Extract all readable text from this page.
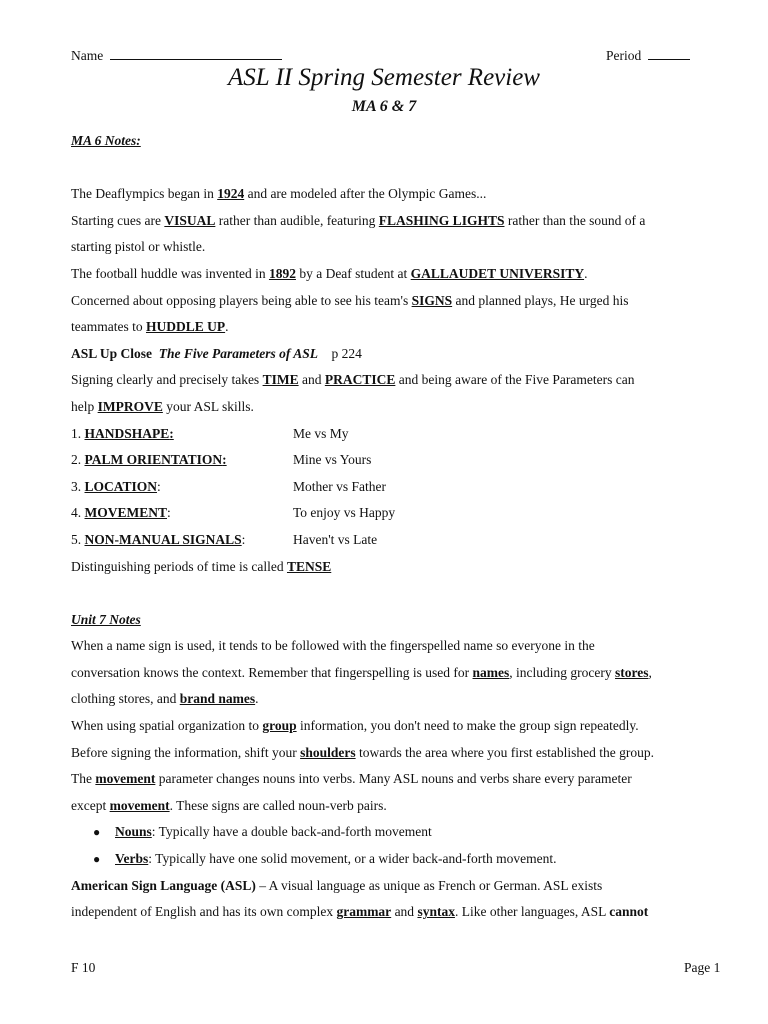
Name	Period
ASL II Spring Semester Review
MA 6 & 7
MA 6 Notes:
The Deaflympics began in 1924 and are modeled after the Olympic Games...
Starting cues are VISUAL rather than audible, featuring FLASHING LIGHTS rather than the sound of a
starting pistol or whistle.
The football huddle was invented in 1892 by a Deaf student at GALLAUDET UNIVERSITY.
Concerned about opposing players being able to see his team's SIGNS and planned plays, He urged his
teammates to HUDDLE UP.
ASL Up Close The Five Parameters of ASL p 224
Signing clearly and precisely takes TIME and PRACTICE and being aware of the Five Parameters can
help IMPROVE your ASL skills.
1. HANDSHAPE:	Me vs My
2. PALM ORIENTATION:	Mine vs Yours
3. LOCATION:	Mother vs Father
4. MOVEMENT:	To enjoy vs Happy
5. NON-MANUAL SIGNALS:	Haven't vs Late
Distinguishing periods of time is called TENSE
Unit 7 Notes
When a name sign is used, it tends to be followed with the fingerspelled name so everyone in the
conversation knows the context. Remember that fingerspelling is used for names, including grocery stores,
clothing stores, and brand names.
When using spatial organization to group information, you don't need to make the group sign repeatedly.
Before signing the information, shift your shoulders towards the area where you first established the group.
The movement parameter changes nouns into verbs. Many ASL nouns and verbs share every parameter
except movement. These signs are called noun-verb pairs.
● Nouns: Typically have a double back-and-forth movement
● Verbs: Typically have one solid movement, or a wider back-and-forth movement.
American Sign Language (ASL) – A visual language as unique as French or German. ASL exists
independent of English and has its own complex grammar and syntax. Like other languages, ASL cannot
F 10	Page 1
